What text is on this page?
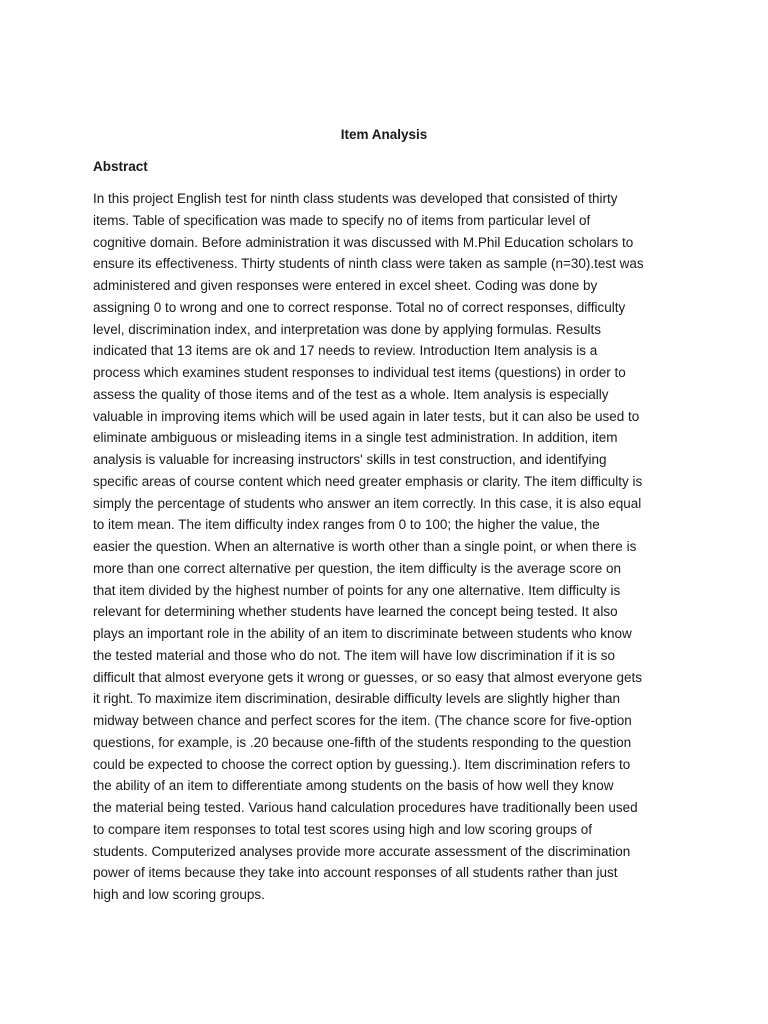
Item Analysis
Abstract
In this project English test for ninth class students was developed that consisted of thirty
items. Table of specification was made to specify no of items from particular level of
cognitive domain. Before administration it was discussed with M.Phil Education scholars to
ensure its effectiveness. Thirty students of ninth class were taken as sample (n=30).test was
administered and given responses were entered in excel sheet. Coding was done by
assigning 0 to wrong and one to correct response. Total no of correct responses, difficulty
level, discrimination index, and interpretation was done by applying formulas. Results
indicated that 13 items are ok and 17 needs to review. Introduction Item analysis is a
process which examines student responses to individual test items (questions) in order to
assess the quality of those items and of the test as a whole. Item analysis is especially
valuable in improving items which will be used again in later tests, but it can also be used to
eliminate ambiguous or misleading items in a single test administration. In addition, item
analysis is valuable for increasing instructors' skills in test construction, and identifying
specific areas of course content which need greater emphasis or clarity. The item difficulty is
simply the percentage of students who answer an item correctly. In this case, it is also equal
to item mean. The item difficulty index ranges from 0 to 100; the higher the value, the
easier the question. When an alternative is worth other than a single point, or when there is
more than one correct alternative per question, the item difficulty is the average score on
that item divided by the highest number of points for any one alternative. Item difficulty is
relevant for determining whether students have learned the concept being tested. It also
plays an important role in the ability of an item to discriminate between students who know
the tested material and those who do not. The item will have low discrimination if it is so
difficult that almost everyone gets it wrong or guesses, or so easy that almost everyone gets
it right. To maximize item discrimination, desirable difficulty levels are slightly higher than
midway between chance and perfect scores for the item. (The chance score for five-option
questions, for example, is .20 because one-fifth of the students responding to the question
could be expected to choose the correct option by guessing.). Item discrimination refers to
the ability of an item to differentiate among students on the basis of how well they know
the material being tested. Various hand calculation procedures have traditionally been used
to compare item responses to total test scores using high and low scoring groups of
students. Computerized analyses provide more accurate assessment of the discrimination
power of items because they take into account responses of all students rather than just
high and low scoring groups.
